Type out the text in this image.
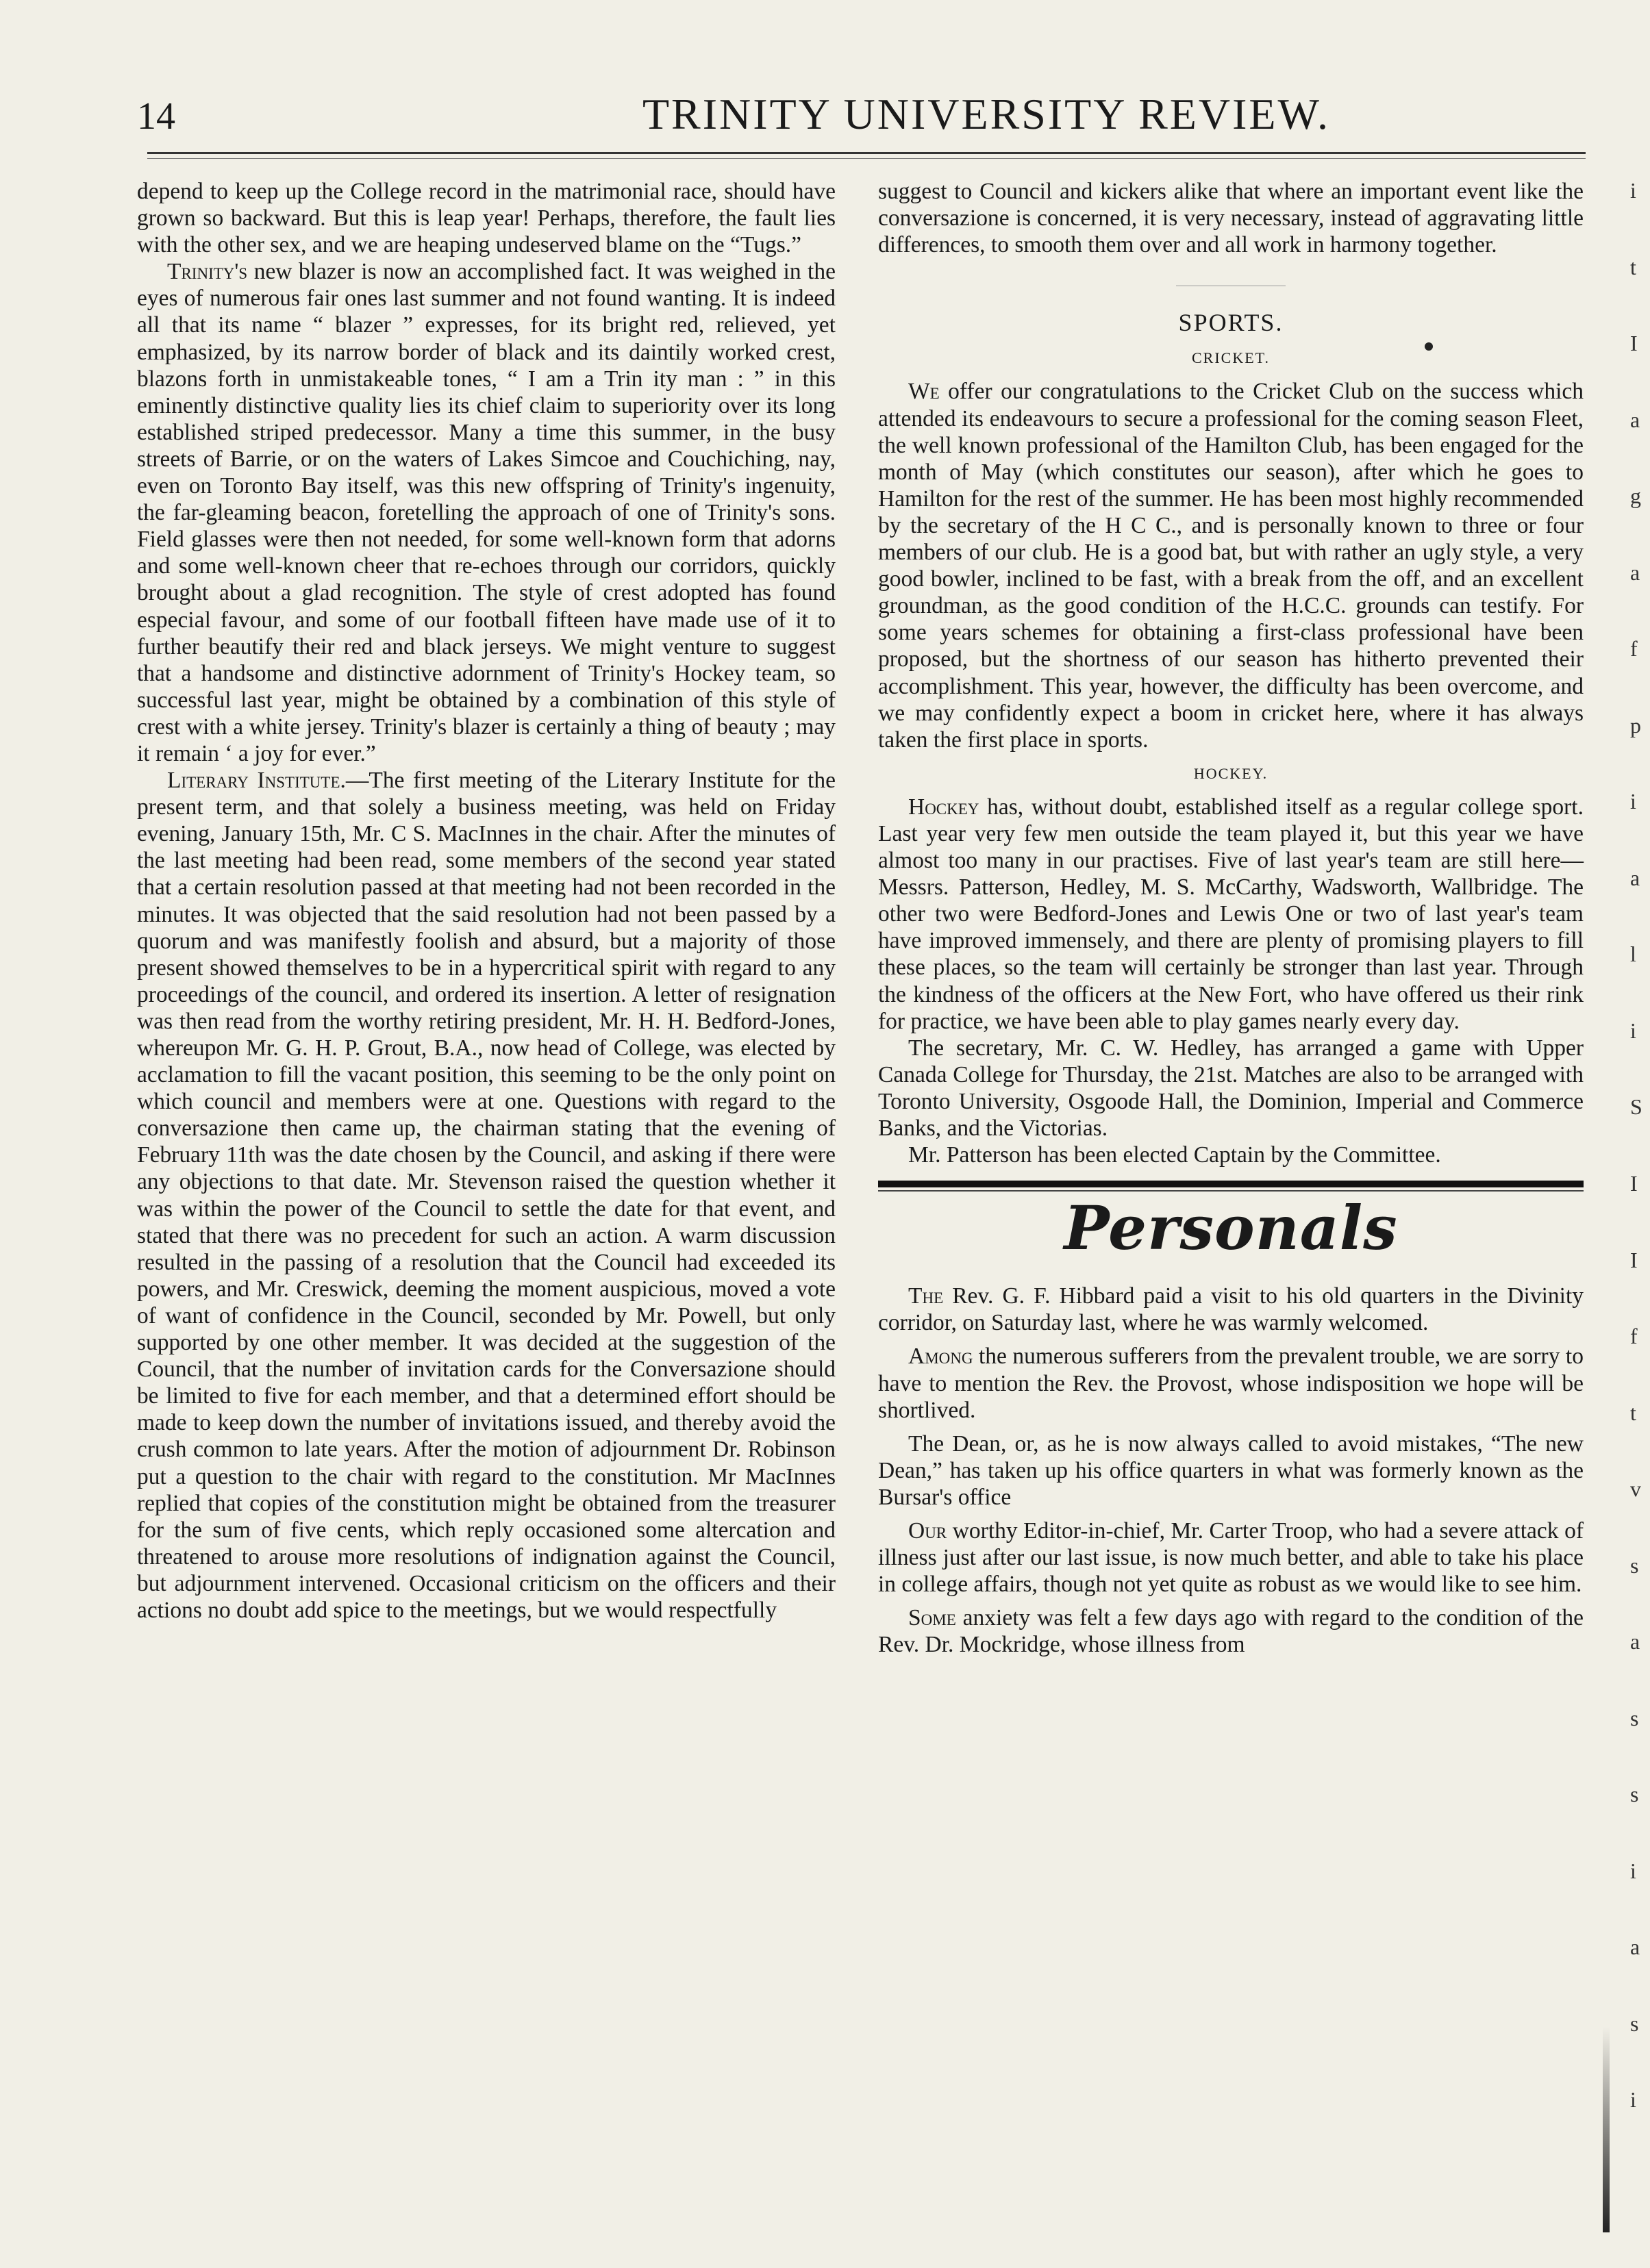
14	TRINITY UNIVERSITY REVIEW.

depend to keep up the College record in the matrimonial race, should have grown so backward. But this is leap year! Perhaps, therefore, the fault lies with the other sex, and we are heaping undeserved blame on the “Tugs.”

Trinity's new blazer is now an accomplished fact. It was weighed in the eyes of numerous fair ones last summer and not found wanting. It is indeed all that its name “ blazer ” expresses, for its bright red, relieved, yet emphasized, by its narrow border of black and its daintily worked crest, blazons forth in unmistakeable tones, “ I am a Trin ity man : ” in this eminently distinctive quality lies its chief claim to superiority over its long established striped predecessor. Many a time this summer, in the busy streets of Barrie, or on the waters of Lakes Simcoe and Couchiching, nay, even on Toronto Bay itself, was this new offspring of Trinity's ingenuity, the far-gleaming beacon, foretelling the approach of one of Trinity's sons. Field glasses were then not needed, for some well-known form that adorns and some well-known cheer that re-echoes through our corridors, quickly brought about a glad recognition. The style of crest adopted has found especial favour, and some of our football fifteen have made use of it to further beautify their red and black jerseys. We might venture to suggest that a handsome and distinctive adornment of Trinity's Hockey team, so successful last year, might be obtained by a combination of this style of crest with a white jersey. Trinity's blazer is certainly a thing of beauty ; may it remain ‘ a joy for ever.”

Literary Institute.—The first meeting of the Literary Institute for the present term, and that solely a business meeting, was held on Friday evening, January 15th, Mr. C S. MacInnes in the chair. After the minutes of the last meeting had been read, some members of the second year stated that a certain resolution passed at that meeting had not been recorded in the minutes. It was objected that the said resolution had not been passed by a quorum and was manifestly foolish and absurd, but a majority of those present showed themselves to be in a hypercritical spirit with regard to any proceedings of the council, and ordered its insertion. A letter of resignation was then read from the worthy retiring president, Mr. H. H. Bedford-Jones, whereupon Mr. G. H. P. Grout, B.A., now head of College, was elected by acclamation to fill the vacant position, this seeming to be the only point on which council and members were at one. Questions with regard to the conversazione then came up, the chairman stating that the evening of February 11th was the date chosen by the Council, and asking if there were any objections to that date. Mr. Stevenson raised the question whether it was within the power of the Council to settle the date for that event, and stated that there was no precedent for such an action. A warm discussion resulted in the passing of a resolution that the Council had exceeded its powers, and Mr. Creswick, deeming the moment auspicious, moved a vote of want of confidence in the Council, seconded by Mr. Powell, but only supported by one other member. It was decided at the suggestion of the Council, that the number of invitation cards for the Conversazione should be limited to five for each member, and that a determined effort should be made to keep down the number of invitations issued, and thereby avoid the crush common to late years. After the motion of adjournment Dr. Robinson put a question to the chair with regard to the constitution. Mr MacInnes replied that copies of the constitution might be obtained from the treasurer for the sum of five cents, which reply occasioned some altercation and threatened to arouse more resolutions of indignation against the Council, but adjournment intervened. Occasional criticism on the officers and their actions no doubt add spice to the meetings, but we would respectfully

suggest to Council and kickers alike that where an important event like the conversazione is concerned, it is very necessary, instead of aggravating little differences, to smooth them over and all work in harmony together.

SPORTS.
CRICKET.

We offer our congratulations to the Cricket Club on the success which attended its endeavours to secure a professional for the coming season Fleet, the well known professional of the Hamilton Club, has been engaged for the month of May (which constitutes our season), after which he goes to Hamilton for the rest of the summer. He has been most highly recommended by the secretary of the H C C., and is personally known to three or four members of our club. He is a good bat, but with rather an ugly style, a very good bowler, inclined to be fast, with a break from the off, and an excellent groundman, as the good condition of the H.C.C. grounds can testify. For some years schemes for obtaining a first-class professional have been proposed, but the shortness of our season has hitherto prevented their accomplishment. This year, however, the difficulty has been overcome, and we may confidently expect a boom in cricket here, where it has always taken the first place in sports.

HOCKEY.

Hockey has, without doubt, established itself as a regular college sport. Last year very few men outside the team played it, but this year we have almost too many in our practises. Five of last year's team are still here— Messrs. Patterson, Hedley, M. S. McCarthy, Wadsworth, Wallbridge. The other two were Bedford-Jones and Lewis One or two of last year's team have improved immensely, and there are plenty of promising players to fill these places, so the team will certainly be stronger than last year. Through the kindness of the officers at the New Fort, who have offered us their rink for practice, we have been able to play games nearly every day.

The secretary, Mr. C. W. Hedley, has arranged a game with Upper Canada College for Thursday, the 21st. Matches are also to be arranged with Toronto University, Osgoode Hall, the Dominion, Imperial and Commerce Banks, and the Victorias.

Mr. Patterson has been elected Captain by the Committee.

Personals

The Rev. G. F. Hibbard paid a visit to his old quarters in the Divinity corridor, on Saturday last, where he was warmly welcomed.

Among the numerous sufferers from the prevalent trouble, we are sorry to have to mention the Rev. the Provost, whose indisposition we hope will be shortlived.

The Dean, or, as he is now always called to avoid mistakes, “The new Dean,” has taken up his office quarters in what was formerly known as the Bursar's office

Our worthy Editor-in-chief, Mr. Carter Troop, who had a severe attack of illness just after our last issue, is now much better, and able to take his place in college affairs, though not yet quite as robust as we would like to see him.

Some anxiety was felt a few days ago with regard to the condition of the Rev. Dr. Mockridge, whose illness from

i
t
I
a
g
a
f
p
i
a
l
i
S
I
I
f
t
v
s
a
s
s
i
a
s
i
